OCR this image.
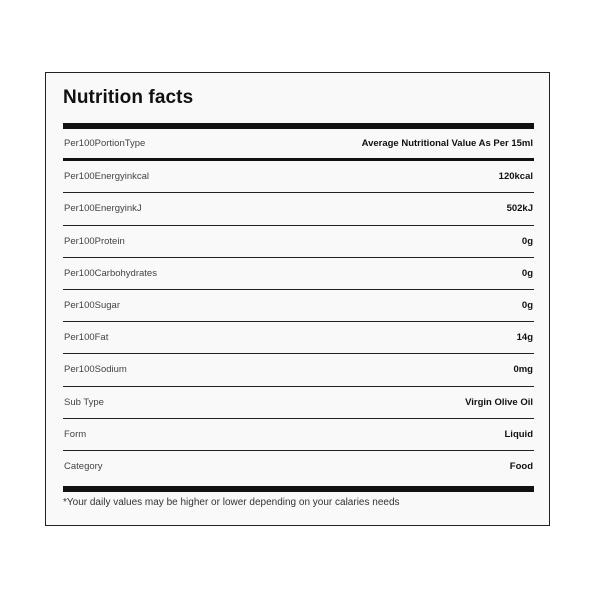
Nutrition facts
Per100PortionType	Average Nutritional Value As Per 15ml
Per100Energyinkcal	120kcal
Per100EnergyinkJ	502kJ
Per100Protein	0g
Per100Carbohydrates	0g
Per100Sugar	0g
Per100Fat	14g
Per100Sodium	0mg
Sub Type	Virgin Olive Oil
Form	Liquid
Category	Food
*Your daily values may be higher or lower depending on your calaries needs
